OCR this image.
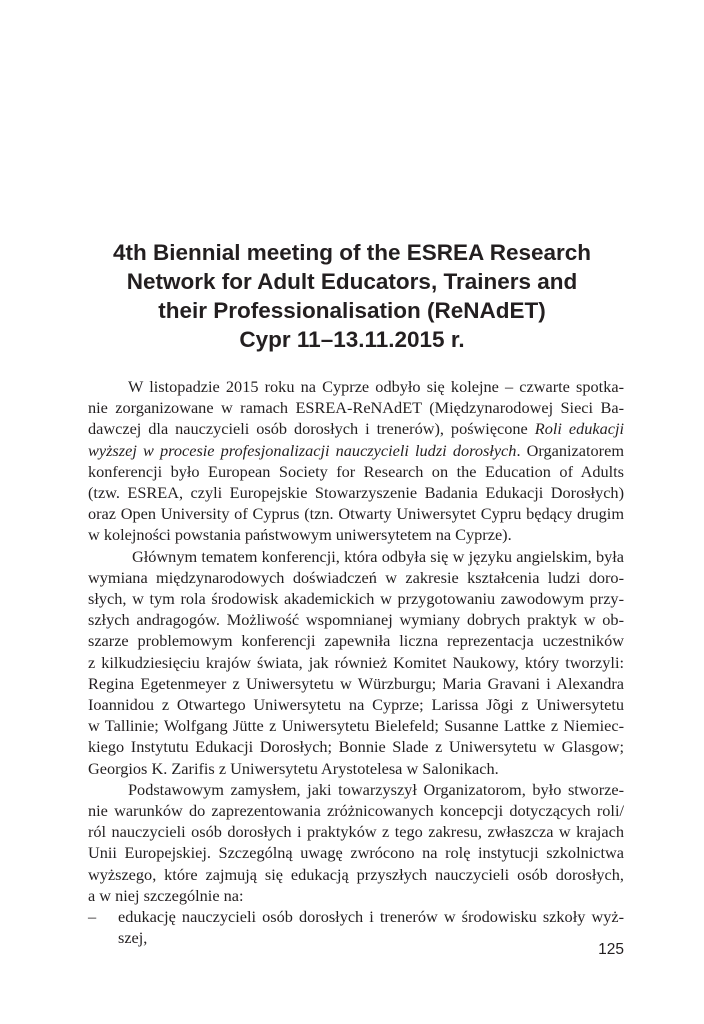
4th Biennial meeting of the ESREA Research
Network for Adult Educators, Trainers and
their Professionalisation (ReNAdET)
Cypr 11–13.11.2015 r.

W listopadzie 2015 roku na Cyprze odbyło się kolejne – czwarte spotka-
nie zorganizowane w ramach ESREA-ReNAdET (Międzynarodowej Sieci Ba-
dawczej dla nauczycieli osób dorosłych i trenerów), poświęcone Roli edukacji
wyższej w procesie profesjonalizacji nauczycieli ludzi dorosłych. Organizatorem
konferencji było European Society for Research on the Education of Adults
(tzw. ESREA, czyli Europejskie Stowarzyszenie Badania Edukacji Dorosłych)
oraz Open University of Cyprus (tzn. Otwarty Uniwersytet Cypru będący drugim
w kolejności powstania państwowym uniwersytetem na Cyprze).

Głównym tematem konferencji, która odbyła się w języku angielskim, była
wymiana międzynarodowych doświadczeń w zakresie kształcenia ludzi doro-
słych, w tym rola środowisk akademickich w przygotowaniu zawodowym przy-
szłych andragogów. Możliwość wspomnianej wymiany dobrych praktyk w ob-
szarze problemowym konferencji zapewniła liczna reprezentacja uczestników
z kilkudziesięciu krajów świata, jak również Komitet Naukowy, który tworzyli:
Regina Egetenmeyer z Uniwersytetu w Würzburgu; Maria Gravani i Alexandra
Ioannidou z Otwartego Uniwersytetu na Cyprze; Larissa Jõgi z Uniwersytetu
w Tallinie; Wolfgang Jütte z Uniwersytetu Bielefeld; Susanne Lattke z Niemiec-
kiego Instytutu Edukacji Dorosłych; Bonnie Slade z Uniwersytetu w Glasgow;
Georgios K. Zarifis z Uniwersytetu Arystotelesa w Salonikach.

Podstawowym zamysłem, jaki towarzyszył Organizatorom, było stworze-
nie warunków do zaprezentowania zróżnicowanych koncepcji dotyczących roli/
ról nauczycieli osób dorosłych i praktyków z tego zakresu, zwłaszcza w krajach
Unii Europejskiej. Szczególną uwagę zwrócono na rolę instytucji szkolnictwa
wyższego, które zajmują się edukacją przyszłych nauczycieli osób dorosłych,
a w niej szczególnie na:

– edukację nauczycieli osób dorosłych i trenerów w środowisku szkoły wyż-
szej,
125
